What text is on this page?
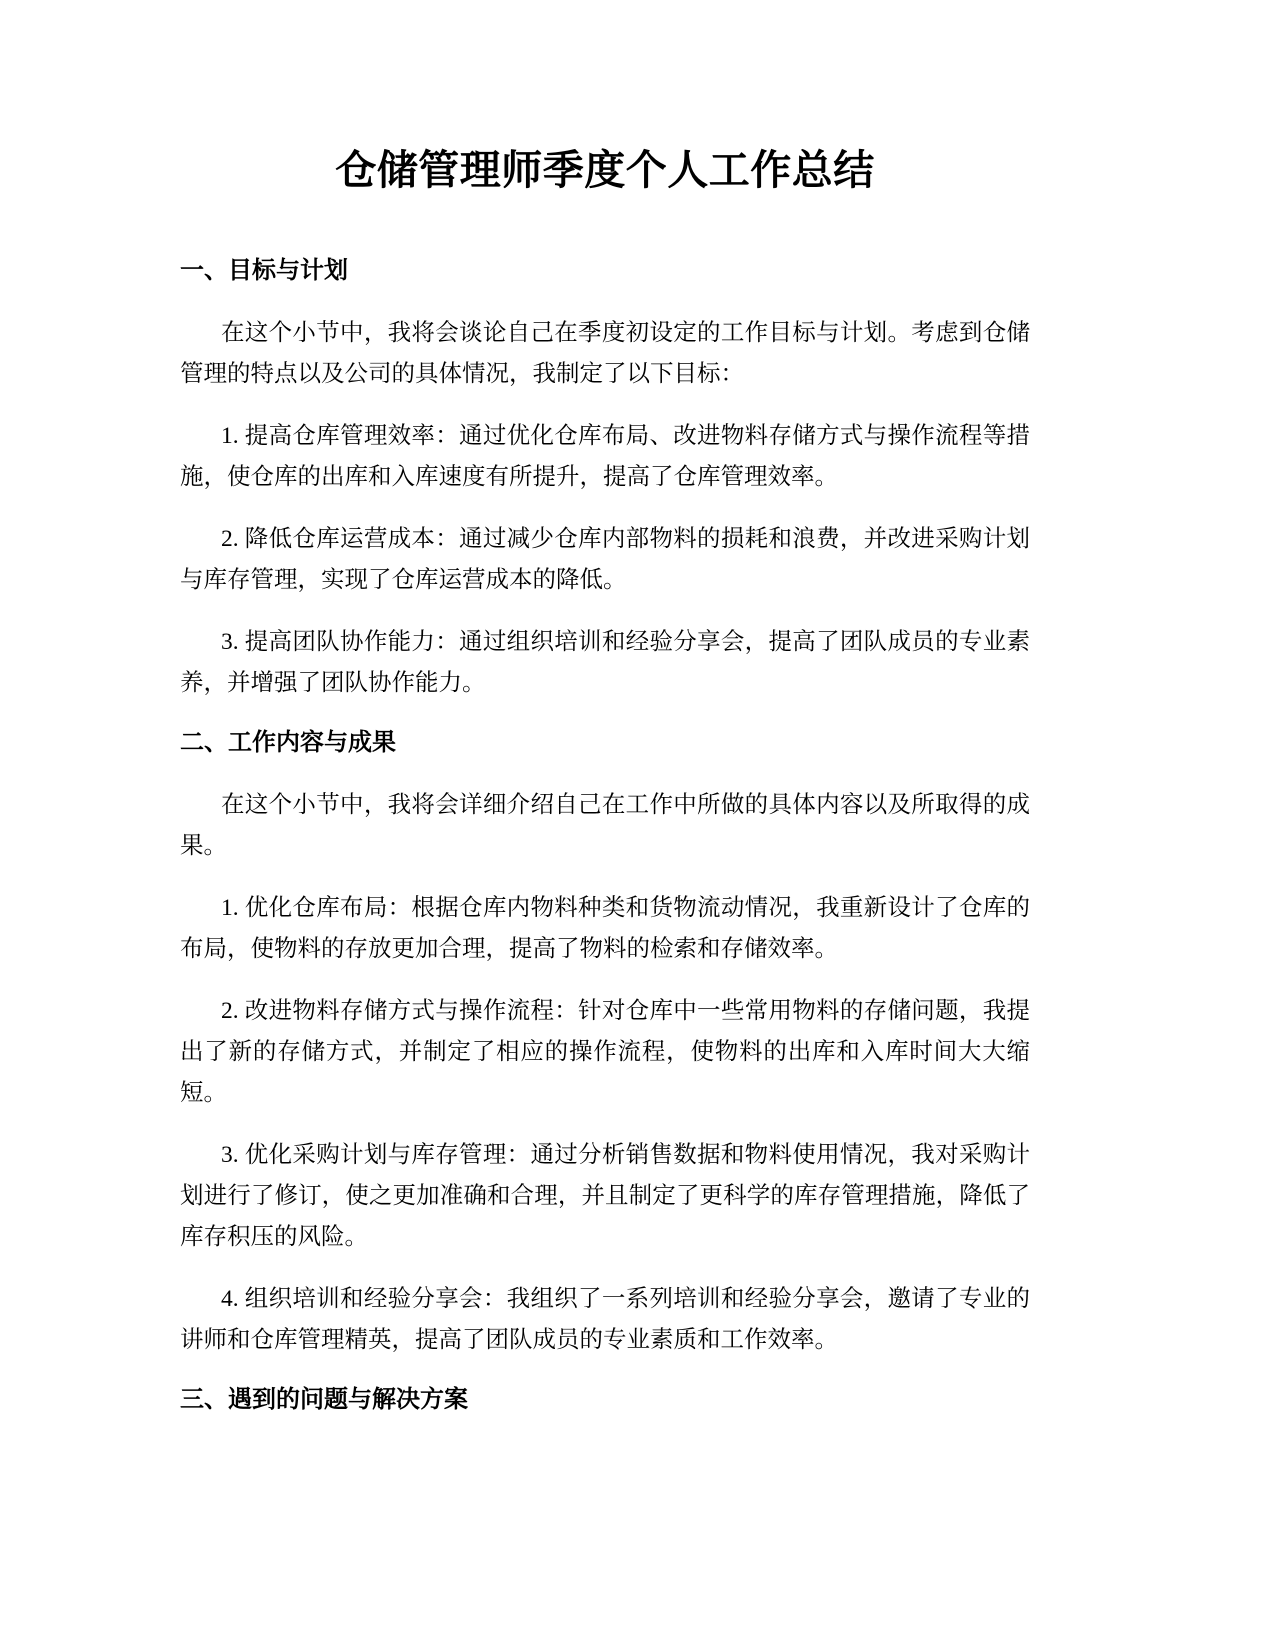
仓储管理师季度个人工作总结
一、目标与计划

在这个小节中，我将会谈论自己在季度初设定的工作目标与计划。考虑到仓储管理的特点以及公司的具体情况，我制定了以下目标：

1. 提高仓库管理效率：通过优化仓库布局、改进物料存储方式与操作流程等措施，使仓库的出库和入库速度有所提升，提高了仓库管理效率。

2. 降低仓库运营成本：通过减少仓库内部物料的损耗和浪费，并改进采购计划与库存管理，实现了仓库运营成本的降低。

3. 提高团队协作能力：通过组织培训和经验分享会，提高了团队成员的专业素养，并增强了团队协作能力。

二、工作内容与成果

在这个小节中，我将会详细介绍自己在工作中所做的具体内容以及所取得的成果。

1. 优化仓库布局：根据仓库内物料种类和货物流动情况，我重新设计了仓库的布局，使物料的存放更加合理，提高了物料的检索和存储效率。

2. 改进物料存储方式与操作流程：针对仓库中一些常用物料的存储问题，我提出了新的存储方式，并制定了相应的操作流程，使物料的出库和入库时间大大缩短。

3. 优化采购计划与库存管理：通过分析销售数据和物料使用情况，我对采购计划进行了修订，使之更加准确和合理，并且制定了更科学的库存管理措施，降低了库存积压的风险。

4. 组织培训和经验分享会：我组织了一系列培训和经验分享会，邀请了专业的讲师和仓库管理精英，提高了团队成员的专业素质和工作效率。

三、遇到的问题与解决方案
